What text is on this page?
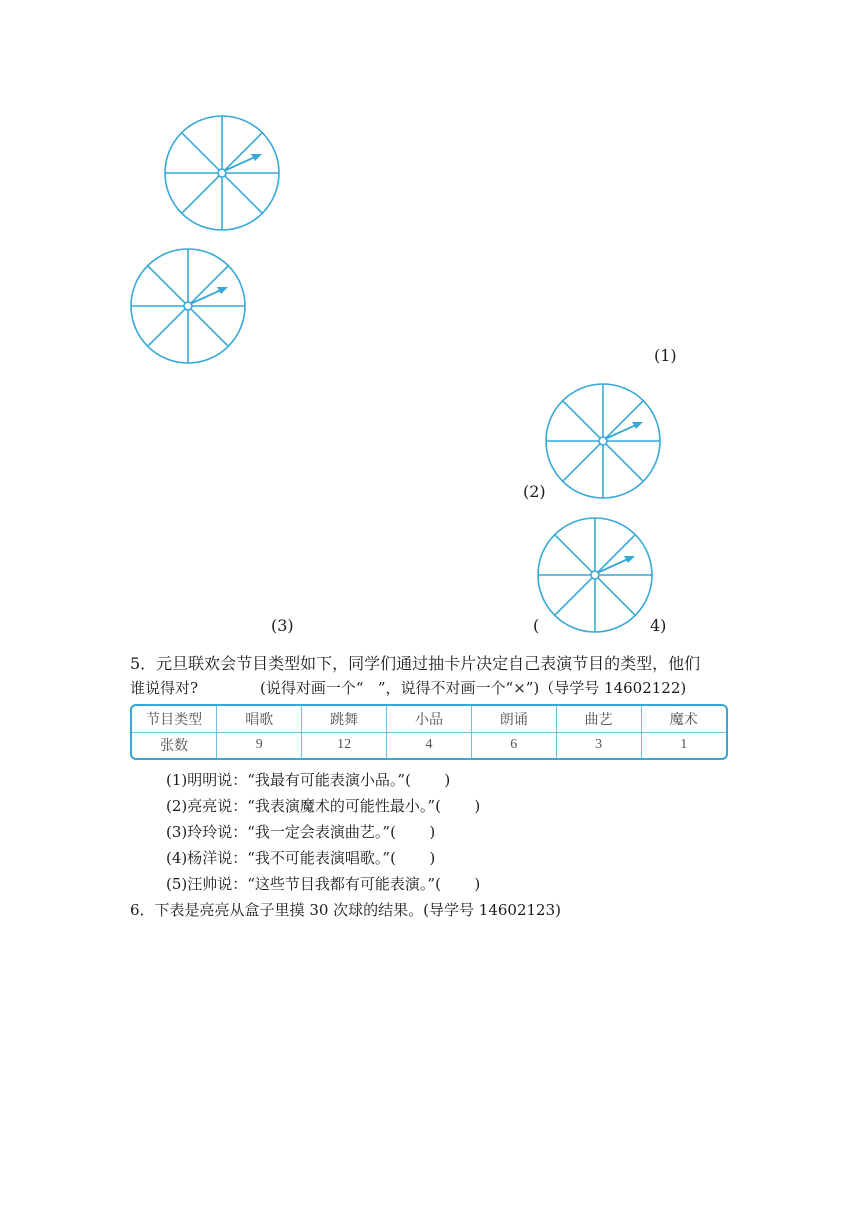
(1)
(2)
(3)	(	4)
5．元旦联欢会节目类型如下，同学们通过抽卡片决定自己表演节目的类型，他们
谁说得对?             (说得对画一个“   ”，说得不对画一个“×”)（导学号 14602122)
节目类型	唱歌	跳舞	小品	朗诵	曲艺	魔术
张数	9	12	4	6	3	1
(1)明明说：“我最有可能表演小品。”(       )
(2)亮亮说：“我表演魔术的可能性最小。”(       )
(3)玲玲说：“我一定会表演曲艺。”(       )
(4)杨洋说：“我不可能表演唱歌。”(       )
(5)汪帅说：“这些节目我都有可能表演。”(       )
6．下表是亮亮从盒子里摸 30 次球的结果。(导学号 14602123)
